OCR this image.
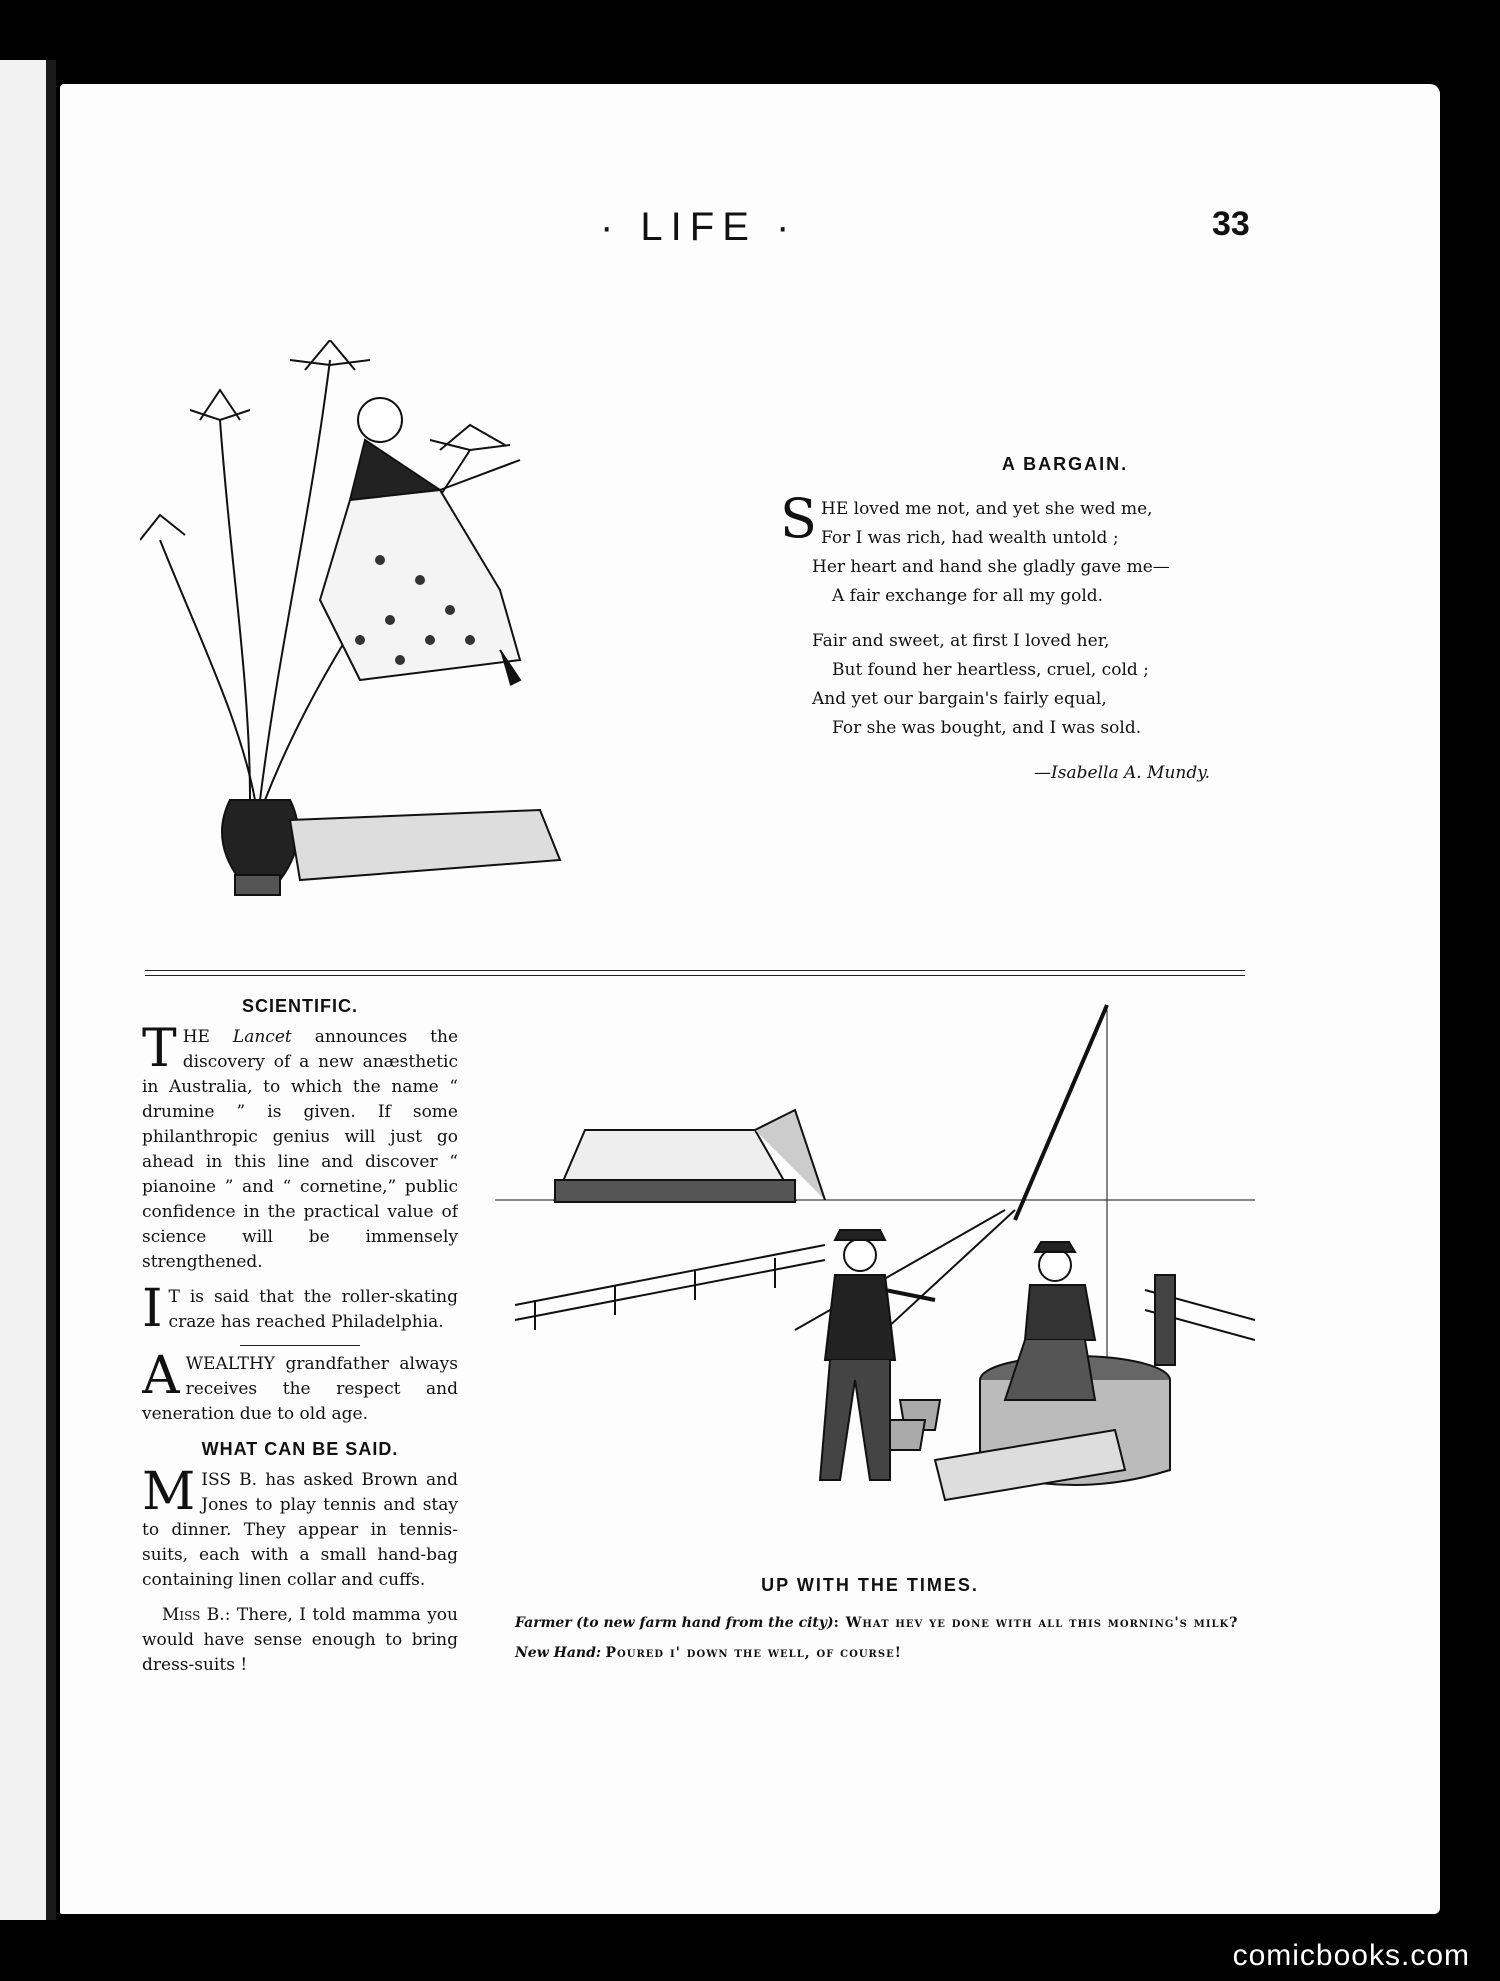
· LIFE ·	33
A BARGAIN.
SHE loved me not, and yet she wed me,
For I was rich, had wealth untold ;
Her heart and hand she gladly gave me—
A fair exchange for all my gold.
Fair and sweet, at first I loved her,
But found her heartless, cruel, cold ;
And yet our bargain's fairly equal,
For she was bought, and I was sold.
—Isabella A. Mundy.
SCIENTIFIC.
THE Lancet announces the discovery of a new anæsthetic in Australia, to which the name “ drumine ” is given. If some philanthropic genius will just go ahead in this line and discover “ pianoine ” and “ cornetine,” public confidence in the practical value of science will be immensely strengthened.
I T is said that the roller-skating craze has reached Philadelphia.
AWEALTHY grandfather always receives the respect and veneration due to old age.
WHAT CAN BE SAID.
MISS B. has asked Brown and Jones to play tennis and stay to dinner. They appear in tennis-suits, each with a small hand-bag containing linen collar and cuffs.
Miss B.: There, I told mamma you would have sense enough to bring dress-suits !
UP WITH THE TIMES.
Farmer (to new farm hand from the city): What hev ye done with all this morning's milk?
New Hand: Poured i' down the well, of course!
comicbooks.com
